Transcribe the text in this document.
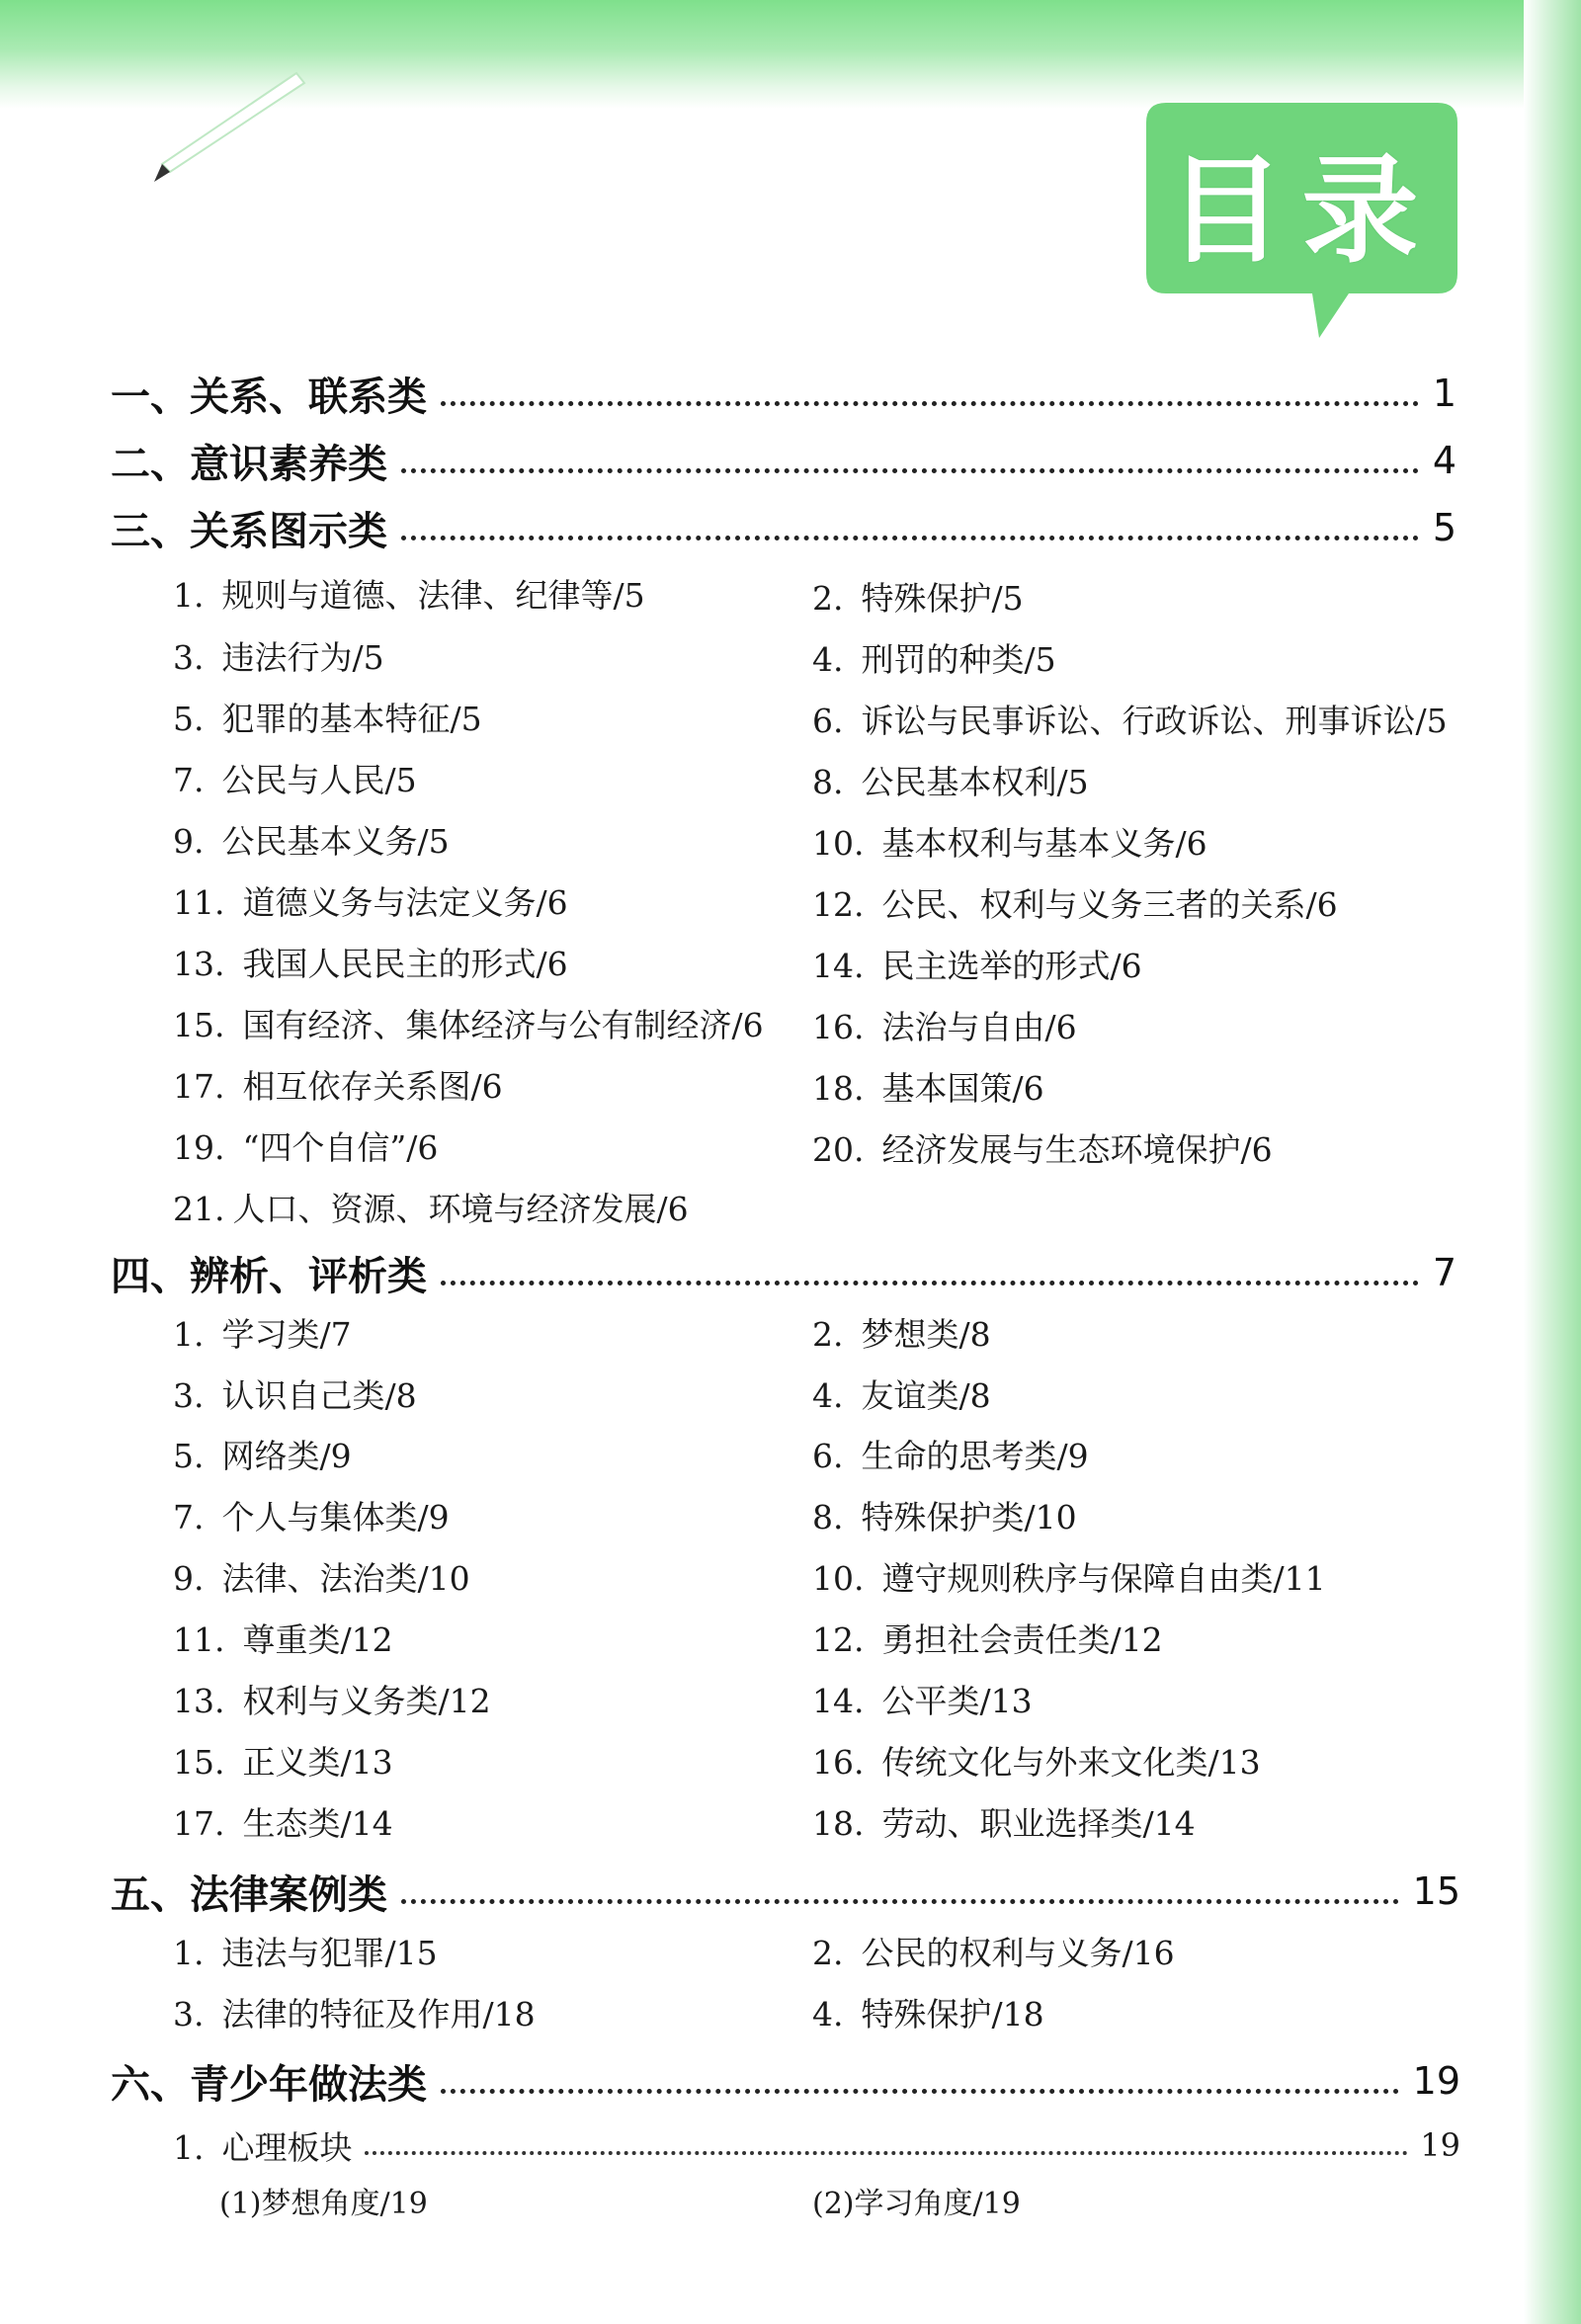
目录
一、关系、联系类	1
二、意识素养类	4
三、关系图示类	5
1. 规则与道德、法律、纪律等/5	2. 特殊保护/5
3. 违法行为/5	4. 刑罚的种类/5
5. 犯罪的基本特征/5	6. 诉讼与民事诉讼、行政诉讼、刑事诉讼/5
7. 公民与人民/5	8. 公民基本权利/5
9. 公民基本义务/5	10. 基本权利与基本义务/6
11. 道德义务与法定义务/6	12. 公民、权利与义务三者的关系/6
13. 我国人民民主的形式/6	14. 民主选举的形式/6
15. 国有经济、集体经济与公有制经济/6 16. 法治与自由/6
17. 相互依存关系图/6	18. 基本国策/6
19. “四个自信”/6	20. 经济发展与生态环境保护/6
21. 人口、资源、环境与经济发展/6
四、辨析、评析类	7
1. 学习类/7	2. 梦想类/8
3. 认识自己类/8	4. 友谊类/8
5. 网络类/9	6. 生命的思考类/9
7. 个人与集体类/9	8. 特殊保护类/10
9. 法律、法治类/10	10. 遵守规则秩序与保障自由类/11
11. 尊重类/12	12. 勇担社会责任类/12
13. 权利与义务类/12	14. 公平类/13
15. 正义类/13	16. 传统文化与外来文化类/13
17. 生态类/14	18. 劳动、职业选择类/14
五、法律案例类	15
1. 违法与犯罪/15	2. 公民的权利与义务/16
3. 法律的特征及作用/18	4. 特殊保护/18
六、青少年做法类	19
1. 心理板块	19
(1)梦想角度/19	(2)学习角度/19
